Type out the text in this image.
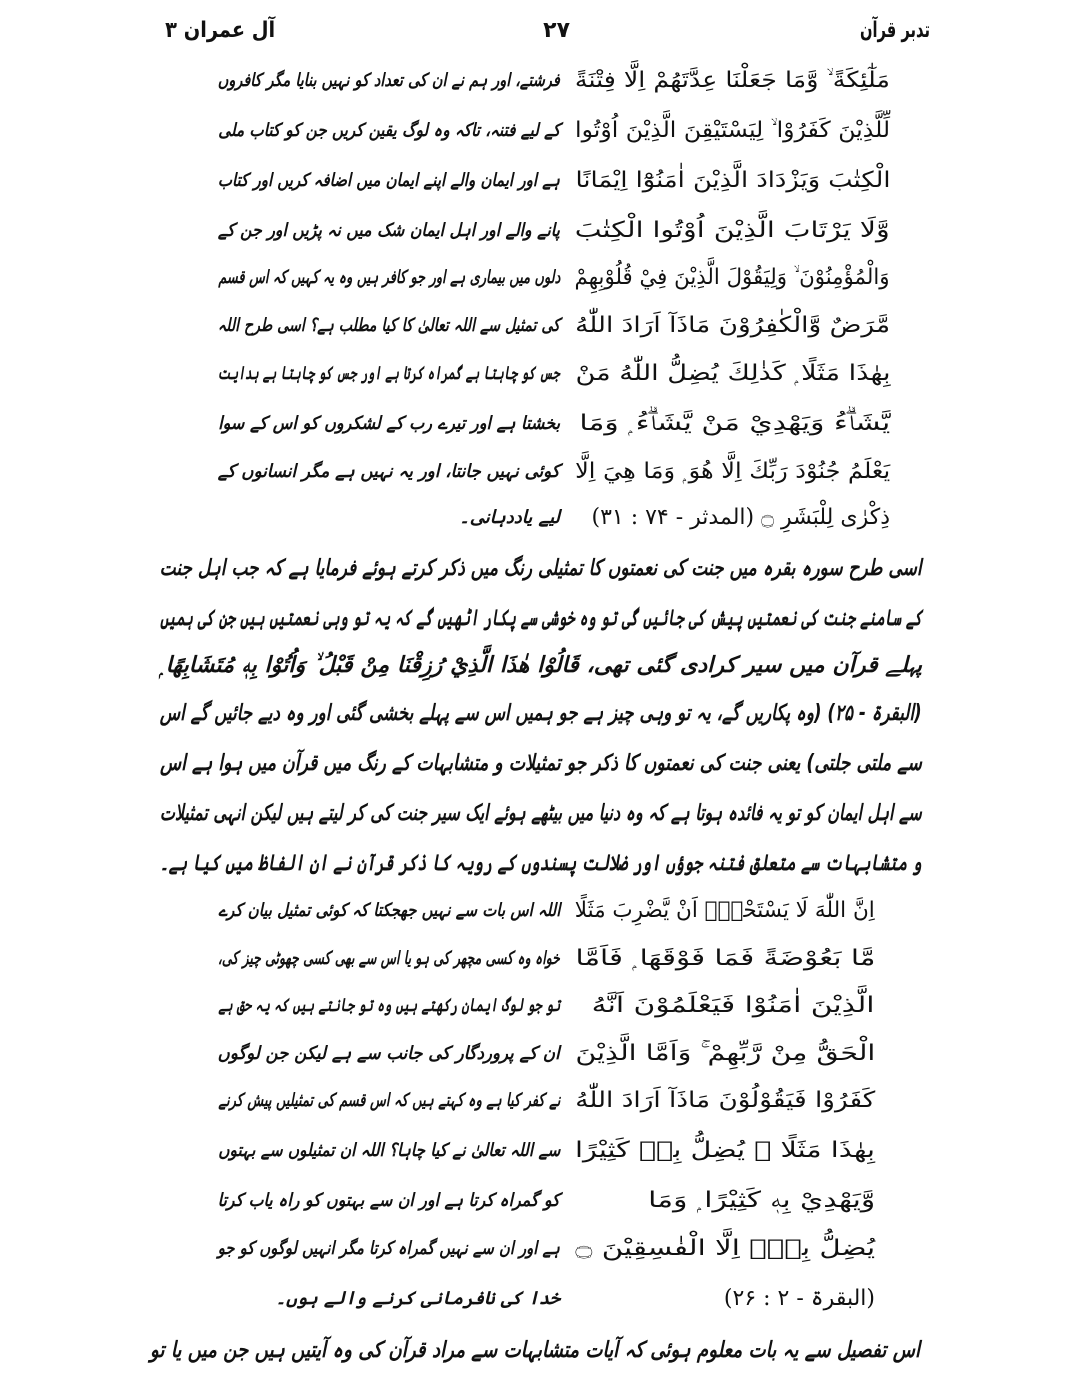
تدبر قرآن
۲۷
آل عمران ۳
مَلٰٓئِكَةً ۙ وَّمَا جَعَلْنَا عِدَّتَهُمْ اِلَّا فِتْنَةً
فرشتے، اور ہم نے ان کی تعداد کو نہیں بنایا مگر کافروں
لِّلَّذِيْنَ كَفَرُوْا ۙ لِيَسْتَيْقِنَ الَّذِيْنَ اُوْتُوا
کے لیے فتنہ، تاکہ وہ لوگ یقین کریں جن کو کتاب ملی
الْكِتٰبَ وَيَزْدَادَ الَّذِيْنَ اٰمَنُوْٓا اِيْمَانًا
ہے اور ایمان والے اپنے ایمان میں اضافہ کریں اور کتاب
وَّلَا يَرْتَابَ الَّذِيْنَ اُوْتُوا الْكِتٰبَ
پانے والے اور اہل ایمان شک میں نہ پڑیں اور جن کے
وَالْمُؤْمِنُوْنَ ۙ وَلِيَقُوْلَ الَّذِيْنَ فِيْ قُلُوْبِهِمْ
دلوں میں بیماری ہے اور جو کافر ہیں وہ یہ کہیں کہ اس قسم
مَّرَضٌ وَّالْكٰفِرُوْنَ مَاذَآ اَرَادَ اللّٰهُ
کی تمثیل سے اللہ تعالیٰ کا کیا مطلب ہے؟ اسی طرح اللہ
بِهٰذَا مَثَلًا ۭ كَذٰلِكَ يُضِلُّ اللّٰهُ مَنْ
جس کو چاہتا ہے گمراہ کرتا ہے اور جس کو چاہتا ہے ہدایت
يَّشَاۗءُ وَيَهْدِيْ مَنْ يَّشَاۗءُ ۭ وَمَا
بخشتا ہے اور تیرے رب کے لشکروں کو اس کے سوا
يَعْلَمُ جُنُوْدَ رَبِّكَ اِلَّا هُوَ ۭ وَمَا هِيَ اِلَّا
کوئی نہیں جانتا، اور یہ نہیں ہے مگر انسانوں کے
ذِكْرٰى لِلْبَشَرِ ۝ (المدثر - ۷۴ : ۳۱)
لیے یاددہانی۔
اسی طرح سورہ بقرہ میں جنت کی نعمتوں کا تمثیلی رنگ میں ذکر کرتے ہوئے فرمایا ہے کہ جب اہل جنت
کے سامنے جنت کی نعمتیں پیش کی جائیں گی تو وہ خوشی سے پکار اٹھیں گے کہ یہ تو وہی نعمتیں ہیں جن کی ہمیں
پہلے قرآن میں سیر کرادی گئی تھی، قَالُوْا ھٰذَا الَّذِيْ رُزِقْنَا مِنْ قَبْلُ ۙ وَاُتُوْا بِهٖ مُتَشَابِهًا ۭ
(البقرۃ - ۲۵) (وہ پکاریں گے، یہ تو وہی چیز ہے جو ہمیں اس سے پہلے بخشی گئی اور وہ دیے جائیں گے اس
سے ملتی جلتی) یعنی جنت کی نعمتوں کا ذکر جو تمثیلات و متشابہات کے رنگ میں قرآن میں ہوا ہے اس
سے اہل ایمان کو تو یہ فائدہ ہوتا ہے کہ وہ دنیا میں بیٹھے ہوئے ایک سیر جنت کی کر لیتے ہیں لیکن انہی تمثیلات
و متشابہات سے متعلق فتنہ جوؤں اور ضلالت پسندوں کے رویہ کا ذکر قرآن نے ان الفاظ میں کیا ہے۔
اِنَّ اللّٰهَ لَا يَسْتَحْيٖٓ اَنْ يَّضْرِبَ مَثَلًا
اللہ اس بات سے نہیں جھجکتا کہ کوئی تمثیل بیان کرے
مَّا بَعُوْضَةً فَمَا فَوْقَهَا ۭ فَاَمَّا
خواہ وہ کسی مچھر کی ہو یا اس سے بھی کسی چھوٹی چیز کی،
الَّذِيْنَ اٰمَنُوْا فَيَعْلَمُوْنَ اَنَّهُ
تو جو لوگ ایمان رکھتے ہیں وہ تو جانتے ہیں کہ یہ حق ہے
الْحَقُّ مِنْ رَّبِّهِمْ ۚ وَاَمَّا الَّذِيْنَ
ان کے پروردگار کی جانب سے ہے لیکن جن لوگوں
كَفَرُوْا فَيَقُوْلُوْنَ مَاذَآ اَرَادَ اللّٰهُ
نے کفر کیا ہے وہ کہتے ہیں کہ اس قسم کی تمثیلیں پیش کرنے
بِهٰذَا مَثَلًا ۘ يُضِلُّ بِهٖ كَثِيْرًا
سے اللہ تعالیٰ نے کیا چاہا؟ اللہ ان تمثیلوں سے بہتوں
وَّيَهْدِيْ بِهٖ كَثِيْرًا ۭ وَمَا
کو گمراہ کرتا ہے اور ان سے بہتوں کو راہ یاب کرتا
يُضِلُّ بِهٖٓ اِلَّا الْفٰسِقِيْنَ ۝
ہے اور ان سے نہیں گمراہ کرتا مگر انہیں لوگوں کو جو
(البقرۃ - ۲ : ۲۶)
خدا کی نافرمانی کرنے والے ہوں۔
اس تفصیل سے یہ بات معلوم ہوئی کہ آیات متشابہات سے مراد قرآن کی وہ آیتیں ہیں جن میں یا تو
